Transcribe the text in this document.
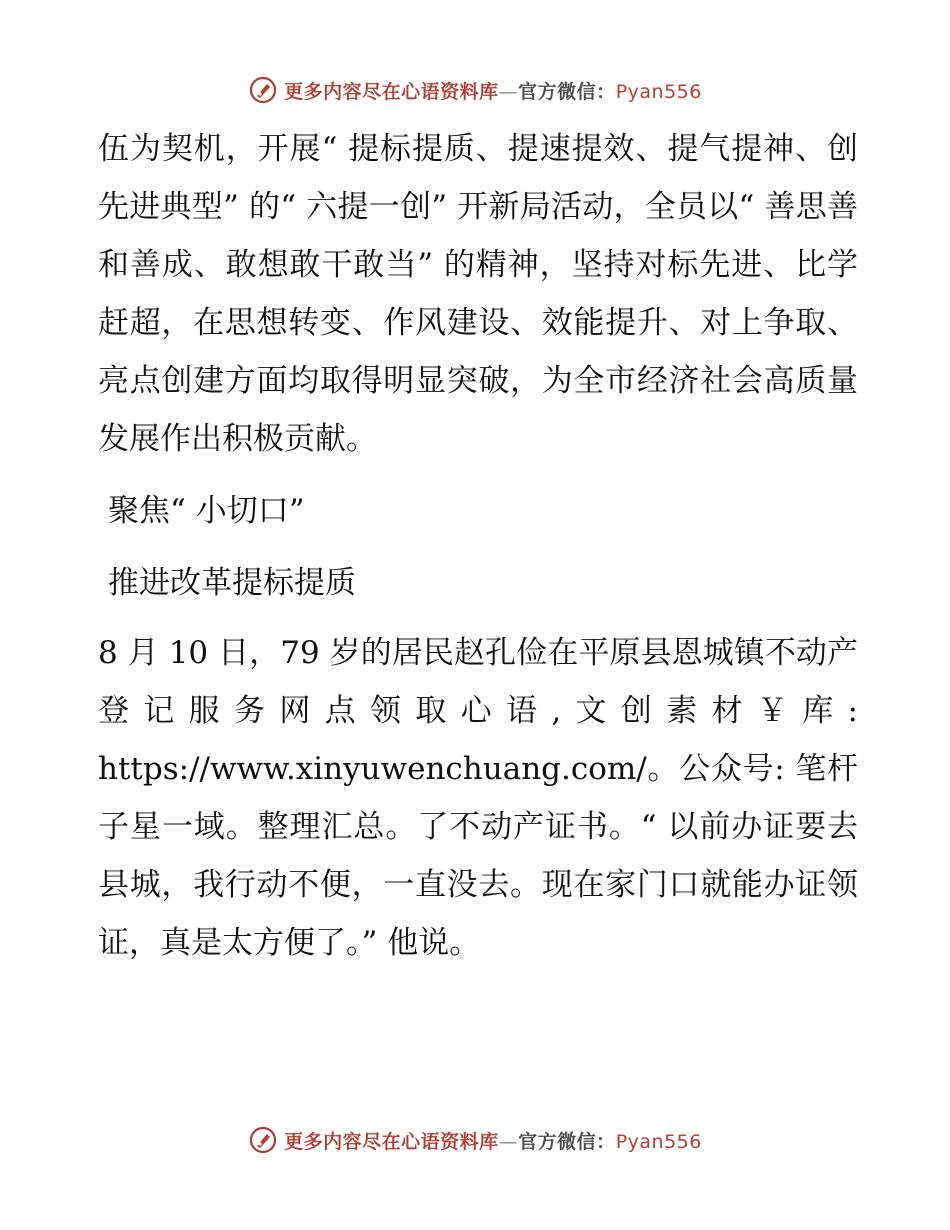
更多内容尽在心语资料库—官方微信：Pyan556

伍为契机，开展“ 提标提质、提速提效、提气提神、创先进典型” 的“ 六提一创” 开新局活动，全员以“ 善思善和善成、敢想敢干敢当” 的精神，坚持对标先进、比学赶超，在思想转变、作风建设、效能提升、对上争取、亮点创建方面均取得明显突破，为全市经济社会高质量发展作出积极贡献。

聚焦“ 小切口”

推进改革提标提质

8 月 10 日，79 岁的居民赵孔俭在平原县恩城镇不动产登记服务网点领取心语,文创素材￥库: https://www.xinyuwenchuang.com/。公众号: 笔杆子星一域。整理汇总。了不动产证书。“ 以前办证要去县城，我行动不便，一直没去。现在家门口就能办证领证，真是太方便了。” 他说。

更多内容尽在心语资料库—官方微信：Pyan556
